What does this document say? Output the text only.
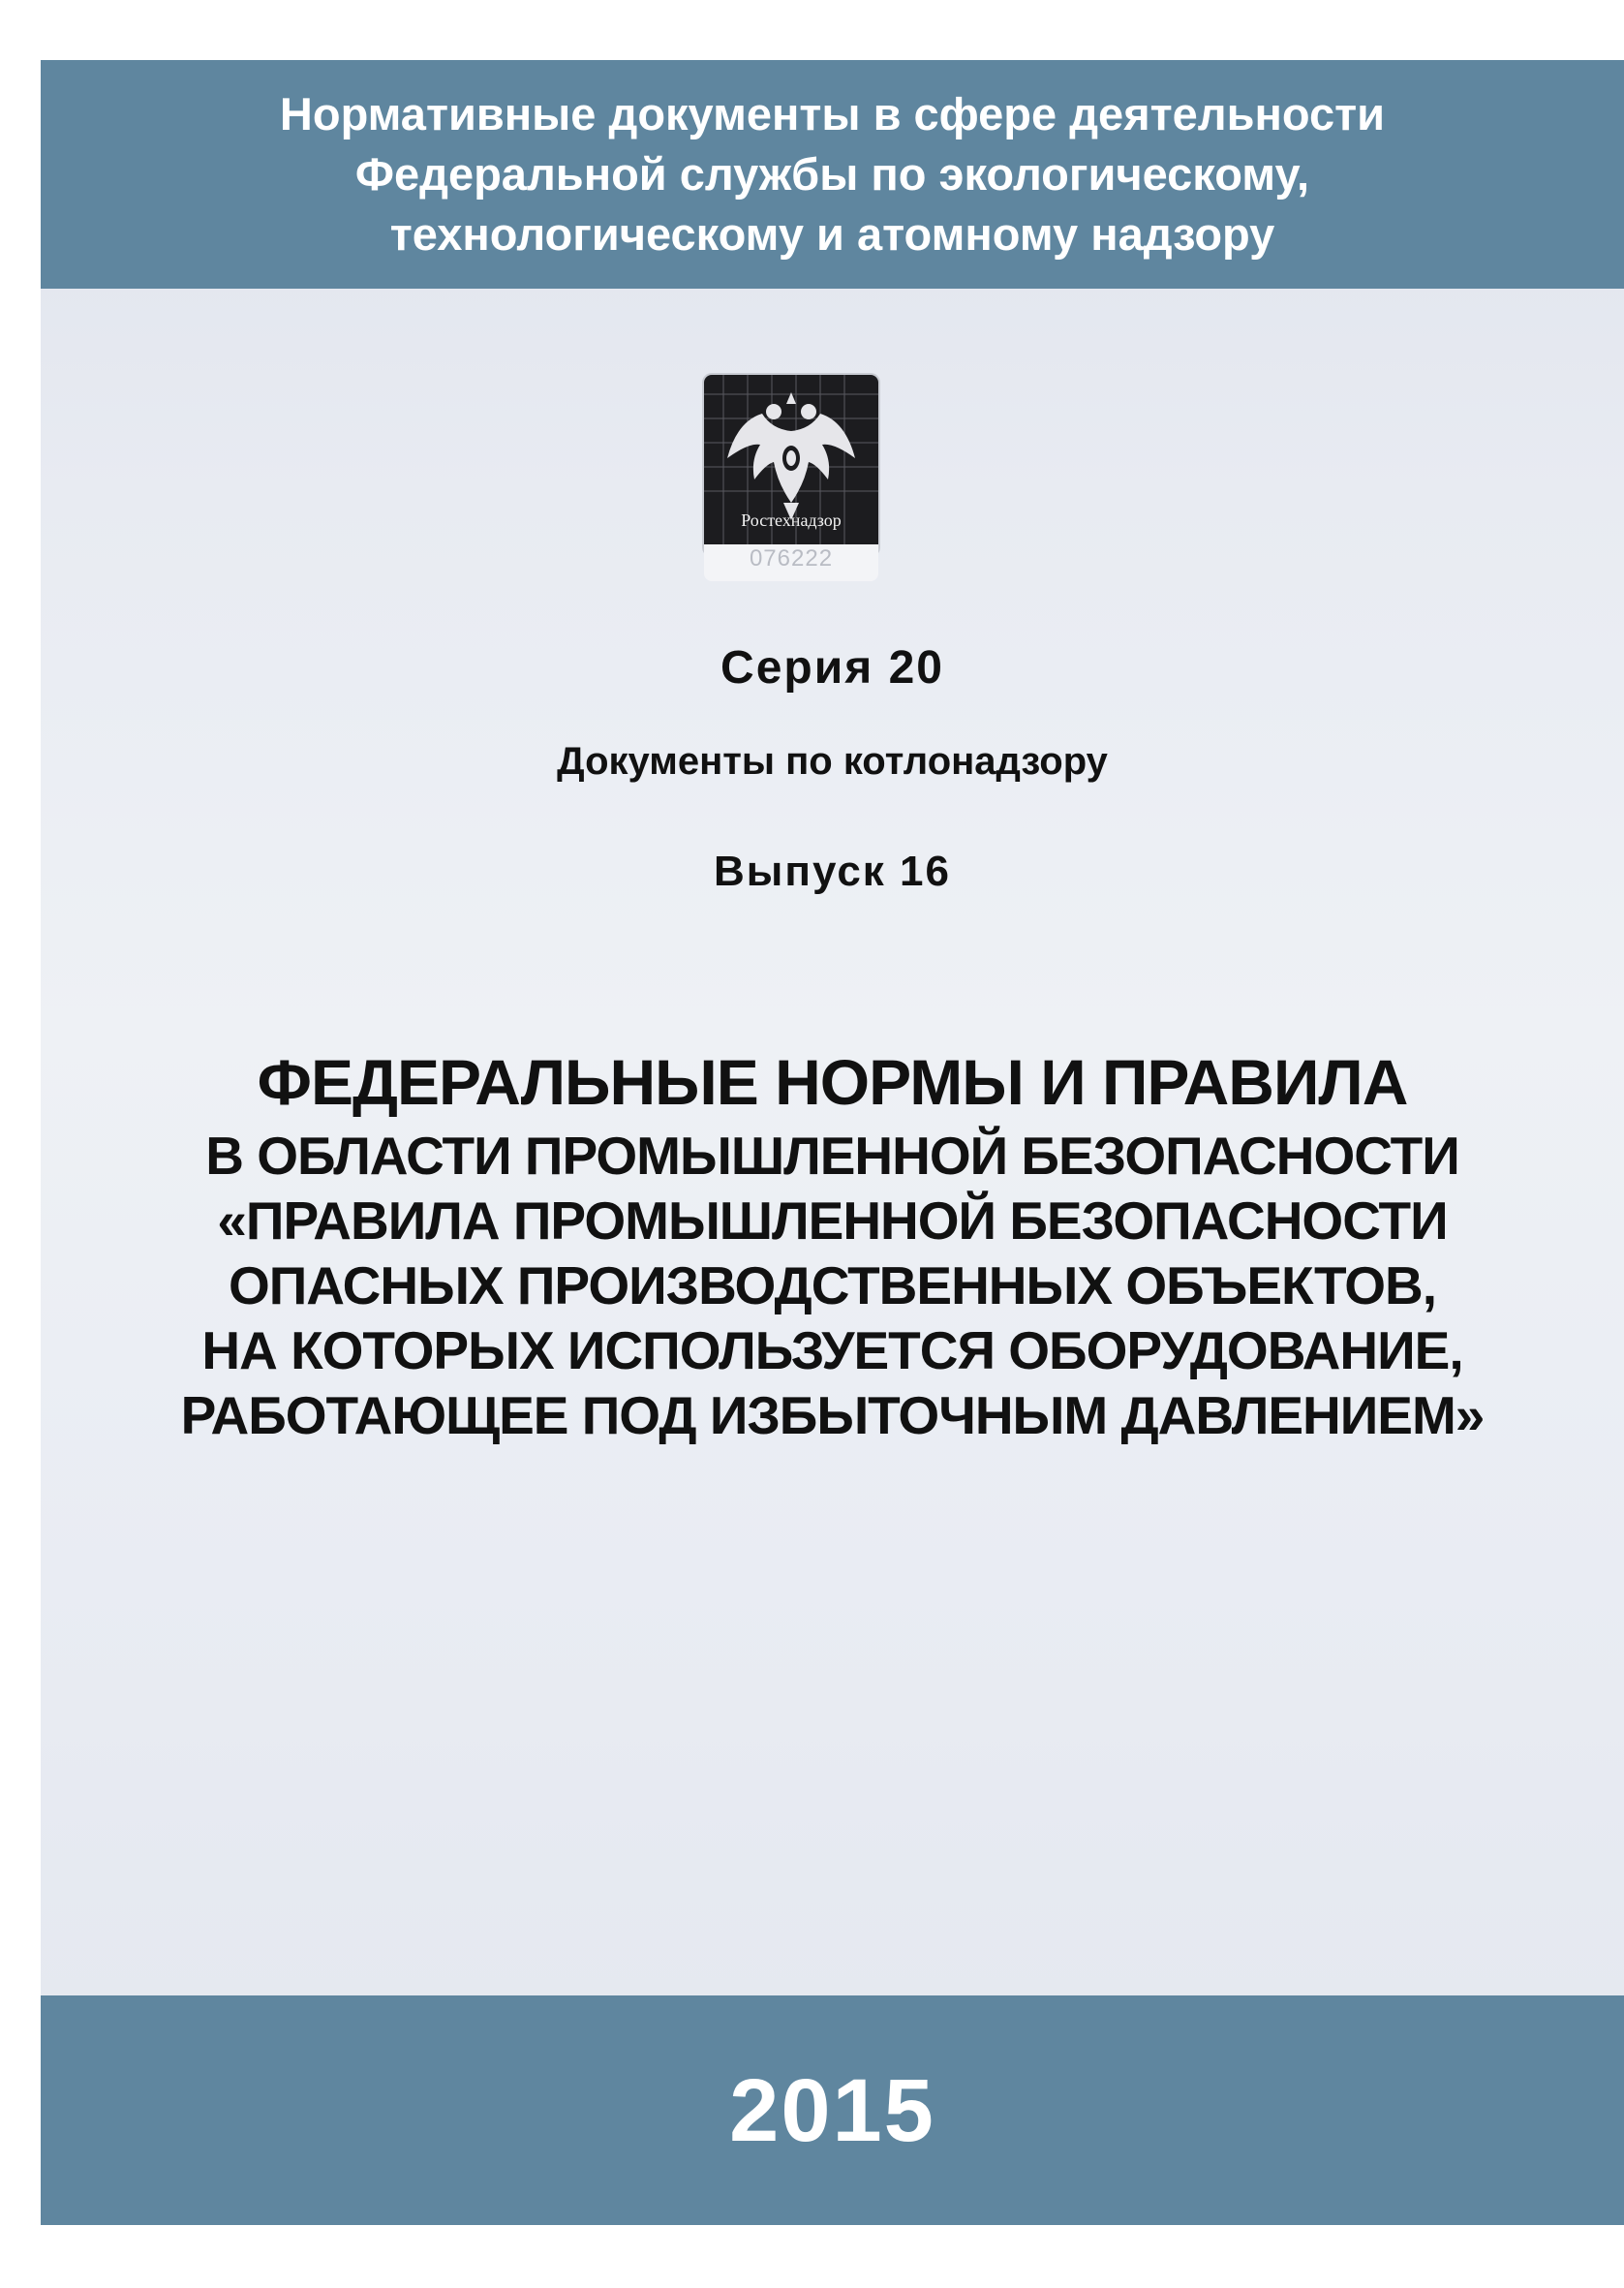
Нормативные документы в сфере деятельности
Федеральной службы по экологическому,
технологическому и атомному надзору
Ростехнадзор
076222
Серия 20
Документы по котлонадзору
Выпуск 16
ФЕДЕРАЛЬНЫЕ НОРМЫ И ПРАВИЛА
В ОБЛАСТИ ПРОМЫШЛЕННОЙ БЕЗОПАСНОСТИ
«ПРАВИЛА ПРОМЫШЛЕННОЙ БЕЗОПАСНОСТИ
ОПАСНЫХ ПРОИЗВОДСТВЕННЫХ ОБЪЕКТОВ,
НА КОТОРЫХ ИСПОЛЬЗУЕТСЯ ОБОРУДОВАНИЕ,
РАБОТАЮЩЕЕ ПОД ИЗБЫТОЧНЫМ ДАВЛЕНИЕМ»
2015
